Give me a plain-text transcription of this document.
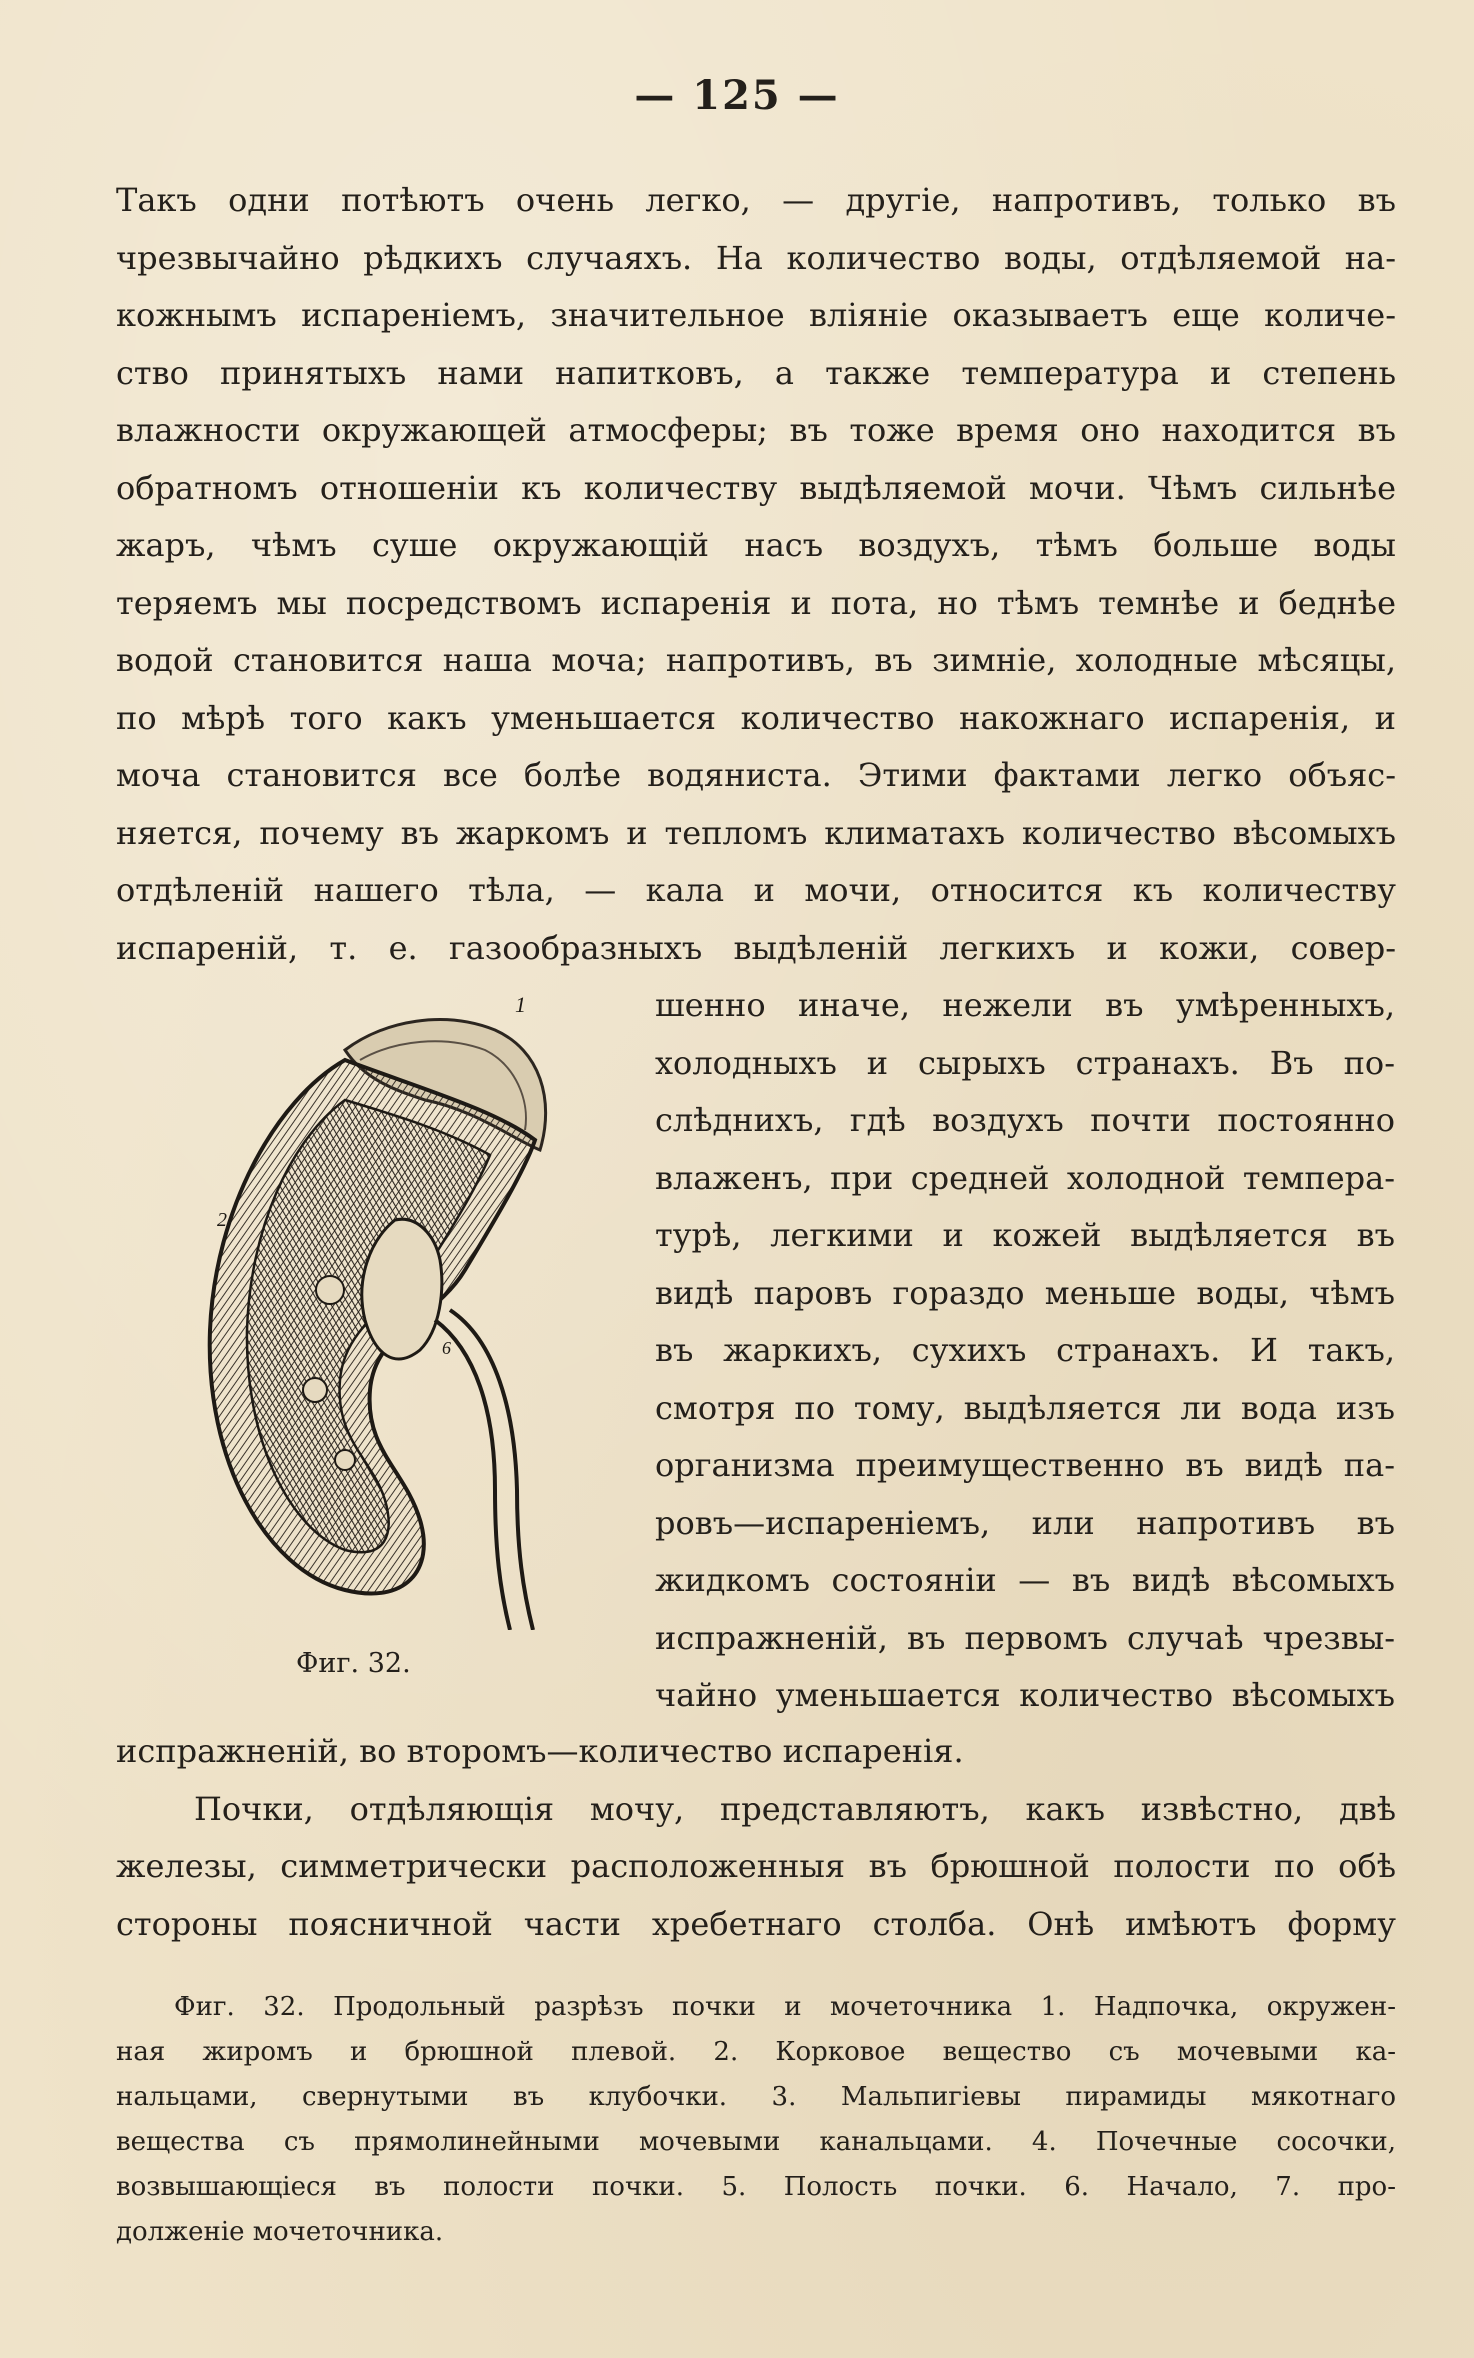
— 125 —
Такъ одни потѣютъ очень легко, — другіе, напротивъ, только въ
чрезвычайно рѣдкихъ случаяхъ. На количество воды, отдѣляемой на-
кожнымъ испареніемъ, значительное вліяніе оказываетъ еще количе-
ство принятыхъ нами напитковъ, а также температура и степень
влажности окружающей атмосферы; въ тоже время оно находится въ
обратномъ отношеніи къ количеству выдѣляемой мочи. Чѣмъ сильнѣе
жаръ, чѣмъ суше окружающій насъ воздухъ, тѣмъ больше воды
теряемъ мы посредствомъ испаренія и пота, но тѣмъ темнѣе и беднѣе
водой становится наша моча; напротивъ, въ зимніе, холодные мѣсяцы,
по мѣрѣ того какъ уменьшается количество накожнаго испаренія, и
моча становится все болѣе водяниста. Этими фактами легко объяс-
няется, почему въ жаркомъ и тепломъ климатахъ количество вѣсомыхъ
отдѣленій нашего тѣла, — кала и мочи, относится къ количеству
испареній, т. е. газообразныхъ выдѣленій легкихъ и кожи, совер-
1
2
6
Фиг. 32.
шенно иначе, нежели въ умѣренныхъ,
холодныхъ и сырыхъ странахъ. Въ по-
слѣднихъ, гдѣ воздухъ почти постоянно
влаженъ, при средней холодной темпера-
турѣ, легкими и кожей выдѣляется въ
видѣ паровъ гораздо меньше воды, чѣмъ
въ жаркихъ, сухихъ странахъ. И такъ,
смотря по тому, выдѣляется ли вода изъ
организма преимущественно въ видѣ па-
ровъ—испареніемъ, или напротивъ въ
жидкомъ состояніи — въ видѣ вѣсомыхъ
испражненій, въ первомъ случаѣ чрезвы-
чайно уменьшается количество вѣсомыхъ
испражненій, во второмъ—количество испаренія.
Почки, отдѣляющія мочу, представляютъ, какъ извѣстно, двѣ
железы, симметрически расположенныя въ брюшной полости по обѣ
стороны поясничной части хребетнаго столба. Онѣ имѣютъ форму
Фиг. 32. Продольный разрѣзъ почки и мочеточника 1. Надпочка, окружен-
ная жиромъ и брюшной плевой. 2. Корковое вещество съ мочевыми ка-
нальцами, свернутыми въ клубочки. 3. Мальпигіевы пирамиды мякотнаго
вещества съ прямолинейными мочевыми канальцами. 4. Почечные сосочки,
возвышающіеся въ полости почки. 5. Полость почки. 6. Начало, 7. про-
долженіе мочеточника.
